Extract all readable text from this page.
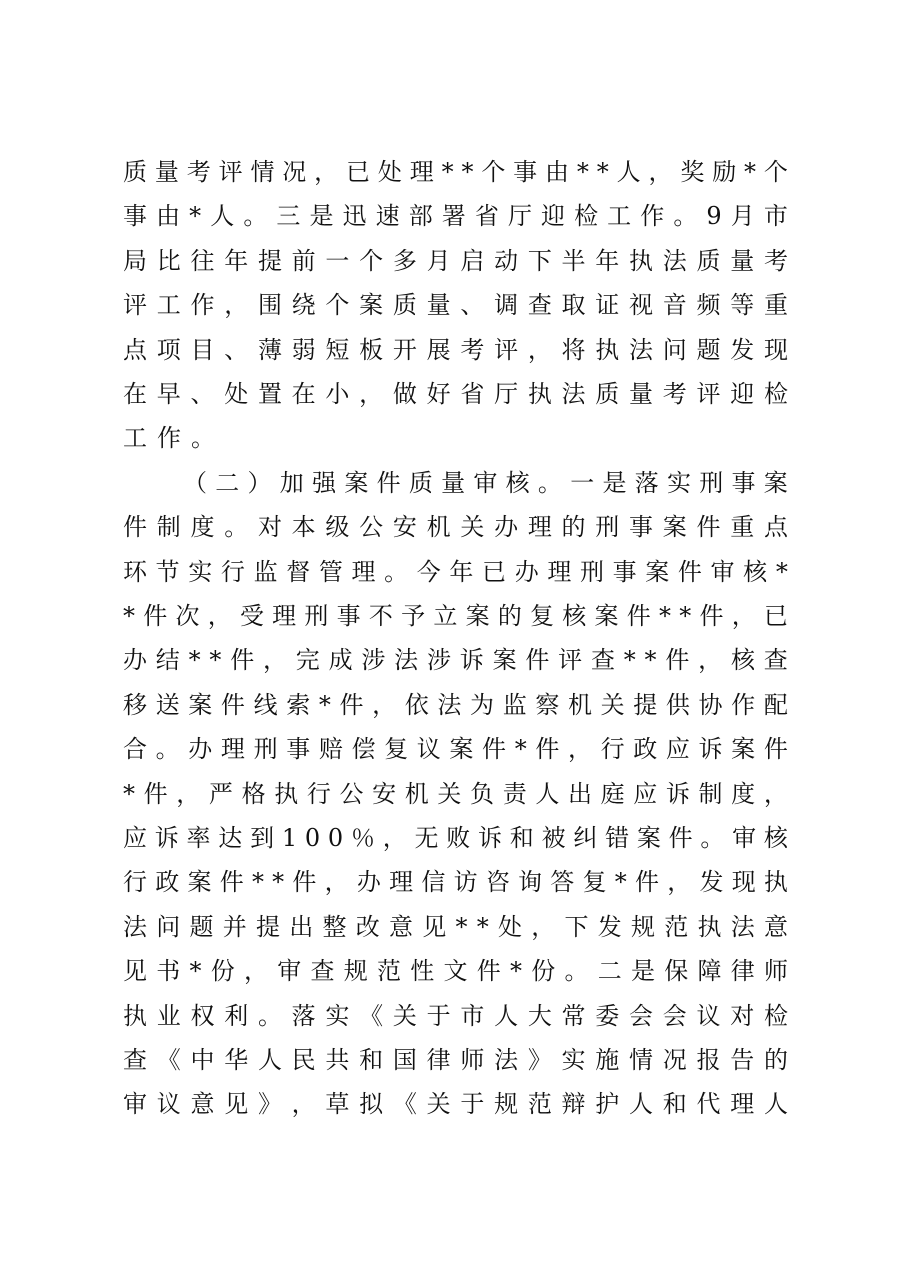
质 量 考 评 情 况 ， 已 处 理 * * 个 事 由 * * 人 ， 奖 励 * 个
事 由 * 人 。 三 是 迅 速 部 署 省 厅 迎 检 工 作 。 9 月 市
局 比 往 年 提 前 一 个 多 月 启 动 下 半 年 执 法 质 量 考
评 工 作 ， 围 绕 个 案 质 量 、 调 查 取 证 视 音 频 等 重
点 项 目 、 薄 弱 短 板 开 展 考 评 ， 将 执 法 问 题 发 现
在 早 、 处 置 在 小 ， 做 好 省 厅 执 法 质 量 考 评 迎 检
工作。
（ 二 ） 加 强 案 件 质 量 审 核 。 一 是 落 实 刑 事 案
件 制 度 。 对 本 级 公 安 机 关 办 理 的 刑 事 案 件 重 点
环 节 实 行 监 督 管 理 。 今 年 已 办 理 刑 事 案 件 审 核 *
* 件 次 ， 受 理 刑 事 不 予 立 案 的 复 核 案 件 * * 件 ， 已
办 结 * * 件 ， 完 成 涉 法 涉 诉 案 件 评 查 * * 件 ， 核 查
移 送 案 件 线 索 * 件 ， 依 法 为 监 察 机 关 提 供 协 作 配
合 。 办 理 刑 事 赔 偿 复 议 案 件 * 件 ， 行 政 应 诉 案 件
* 件 ， 严 格 执 行 公 安 机 关 负 责 人 出 庭 应 诉 制 度 ，
应 诉 率 达 到 1 0 0 ％ ， 无 败 诉 和 被 纠 错 案 件 。 审 核
行 政 案 件 * * 件 ， 办 理 信 访 咨 询 答 复 * 件 ， 发 现 执
法 问 题 并 提 出 整 改 意 见 * * 处 ， 下 发 规 范 执 法 意
见 书 * 份 ， 审 查 规 范 性 文 件 * 份 。 二 是 保 障 律 师
执 业 权 利 。 落 实 《 关 于 市 人 大 常 委 会 会 议 对 检
查 《 中 华 人 民 共 和 国 律 师 法 》 实 施 情 况 报 告 的
审 议 意 见 》 ， 草 拟 《 关 于 规 范 辩 护 人 和 代 理 人
